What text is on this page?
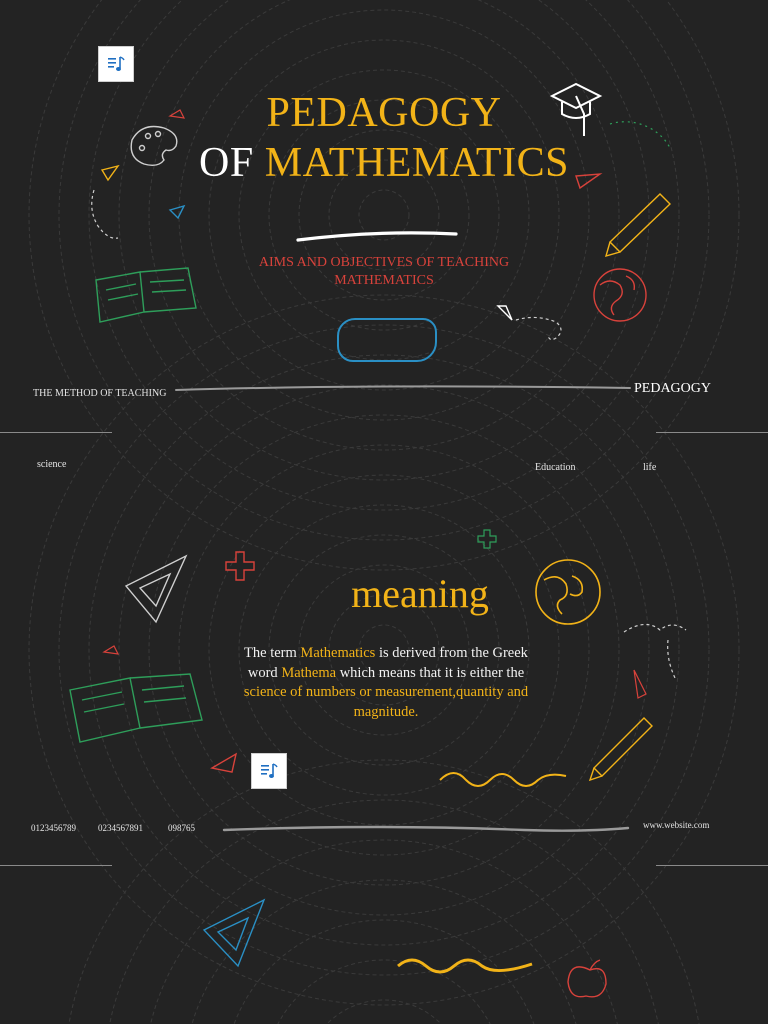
PEDAGOGY
OF MATHEMATICS
AIMS AND OBJECTIVES OF TEACHING
MATHEMATICS
THE METHOD OF TEACHING	PEDAGOGY
science	Education	life
meaning
The term Mathematics is derived from the Greek word Mathema which means that it is either the science of numbers or measurement,quantity and magnitude.
0123456789 0234567891	098765	www.website.com
